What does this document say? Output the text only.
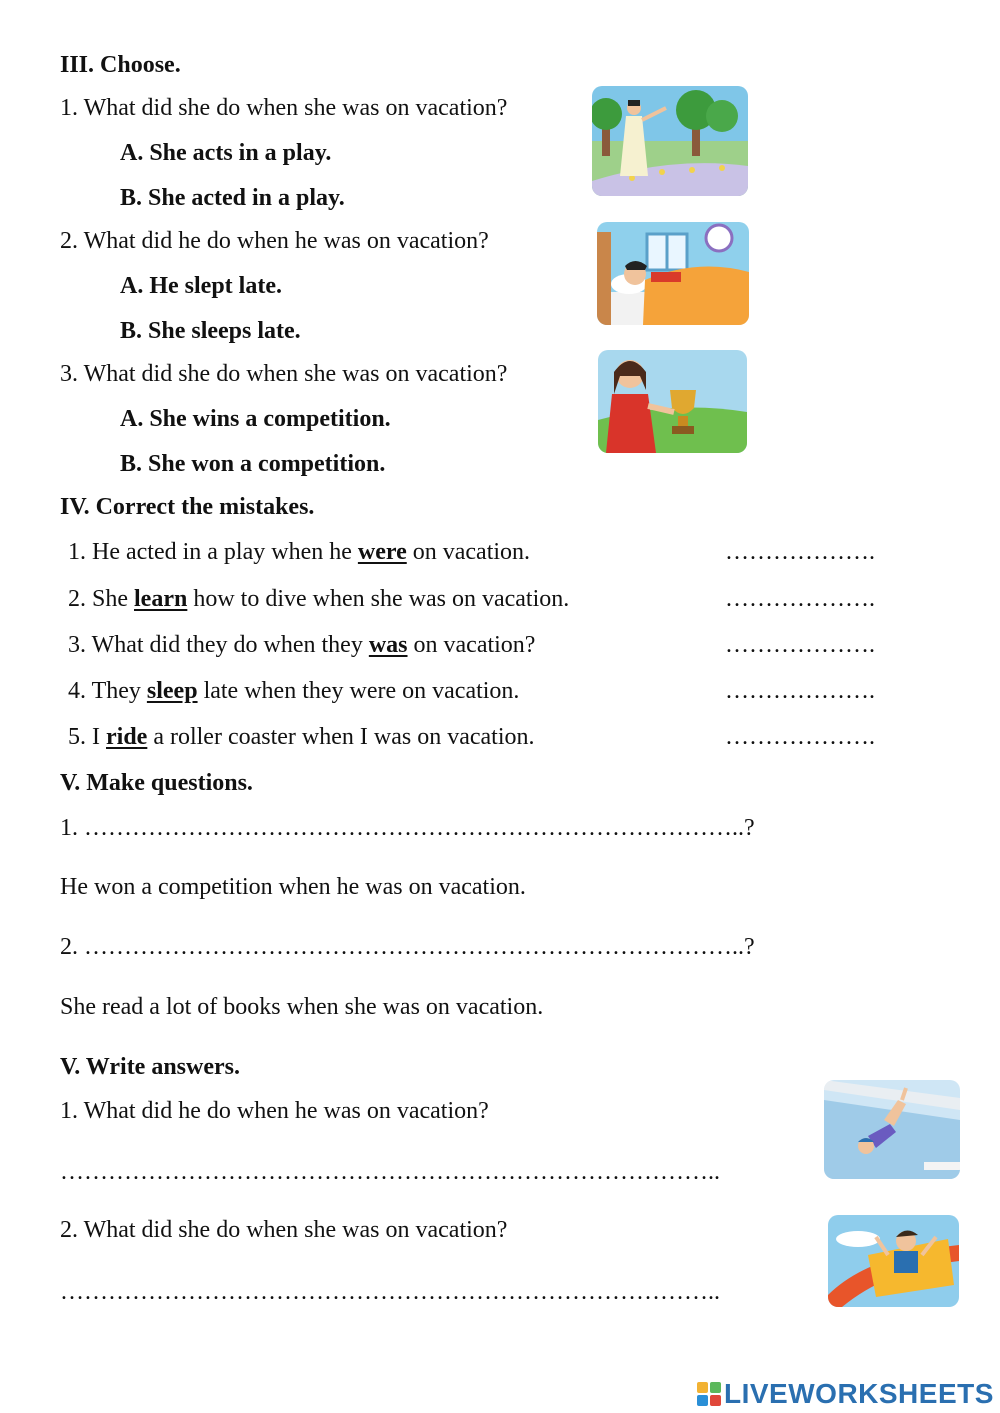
III. Choose.
1. What did she do when she was on vacation?
A. She acts in a play.
B. She acted in a play.
2. What did he do when he was on vacation?
A. He slept late.
B. She sleeps late.
3. What did she do when she was on vacation?
A. She wins a competition.
B. She won a competition.
IV. Correct the mistakes.
1. He acted in a play when he were on vacation.	……………….
2. She learn how to dive when she was on vacation.	……………….
3. What did they do when they was on vacation?	……………….
4. They sleep late when they were on vacation.	……………….
5. I ride a roller coaster when I was on vacation.	……………….
V. Make questions.
1. ………………………………………………………………………..?
He won a competition when he was on vacation.
2. ………………………………………………………………………..?
She read a lot of books when she was on vacation.
V. Write answers.
1. What did he do when he was on vacation?
………………………………………………………………………..
2. What did she do when she was on vacation?
………………………………………………………………………..
LIVEWORKSHEETS
